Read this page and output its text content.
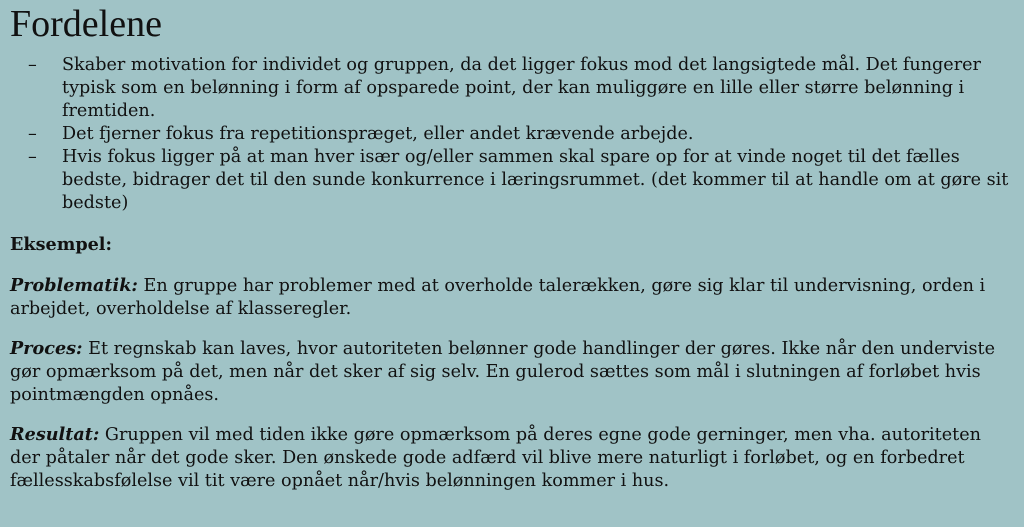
Fordelene
– Skaber motivation for individet og gruppen, da det ligger fokus mod det langsigtede mål. Det fungerer typisk som en belønning i form af opsparede point, der kan muliggøre en lille eller større belønning i fremtiden.
– Det fjerner fokus fra repetitionspræget, eller andet krævende arbejde.
– Hvis fokus ligger på at man hver især og/eller sammen skal spare op for at vinde noget til det fælles bedste, bidrager det til den sunde konkurrence i læringsrummet. (det kommer til at handle om at gøre sit bedste)

Eksempel:

Problematik: En gruppe har problemer med at overholde talerækken, gøre sig klar til undervisning, orden i arbejdet, overholdelse af klasseregler.

Proces: Et regnskab kan laves, hvor autoriteten belønner gode handlinger der gøres. Ikke når den underviste gør opmærksom på det, men når det sker af sig selv. En gulerod sættes som mål i slutningen af forløbet hvis pointmængden opnåes.

Resultat: Gruppen vil med tiden ikke gøre opmærksom på deres egne gode gerninger, men vha. autoriteten der påtaler når det gode sker. Den ønskede gode adfærd vil blive mere naturligt i forløbet, og en forbedret fællesskabsfølelse vil tit være opnået når/hvis belønningen kommer i hus.
